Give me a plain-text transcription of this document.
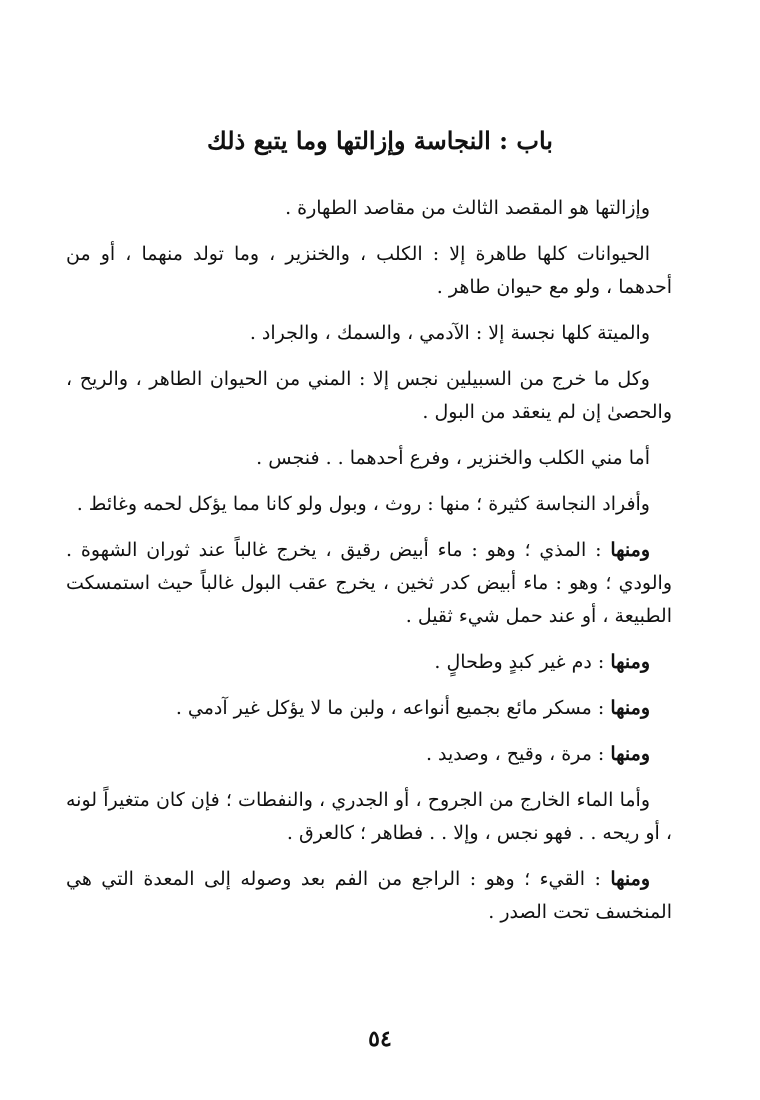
باب : النجاسة وإزالتها وما يتبع ذلك

وإزالتها هو المقصد الثالث من مقاصد الطهارة .

الحيوانات كلها طاهرة إلا : الكلب ، والخنزير ، وما تولد منهما ، أو من أحدهما ، ولو مع حيوان طاهر .

والميتة كلها نجسة إلا : الآدمي ، والسمك ، والجراد .

وكل ما خرج من السبيلين نجس إلا : المني من الحيوان الطاهر ، والريح ، والحصىٰ إن لم ينعقد من البول .

أما مني الكلب والخنزير ، وفرع أحدهما . . فنجس .

وأفراد النجاسة كثيرة ؛ منها : روث ، وبول ولو كانا مما يؤكل لحمه وغائط .

ومنها : المذي ؛ وهو : ماء أبيض رقيق ، يخرج غالباً عند ثوران الشهوة . والودي ؛ وهو : ماء أبيض كدر ثخين ، يخرج عقب البول غالباً حيث استمسكت الطبيعة ، أو عند حمل شيء ثقيل .

ومنها : دم غير كبدٍ وطحالٍ .

ومنها : مسكر مائع بجميع أنواعه ، ولبن ما لا يؤكل غير آدمي .

ومنها : مرة ، وقيح ، وصديد .

وأما الماء الخارج من الجروح ، أو الجدري ، والنفطات ؛ فإن كان متغيراً لونه ، أو ريحه . . فهو نجس ، وإلا . . فطاهر ؛ كالعرق .

ومنها : القيء ؛ وهو : الراجع من الفم بعد وصوله إلى المعدة التي هي المنخسف تحت الصدر .

٥٤
